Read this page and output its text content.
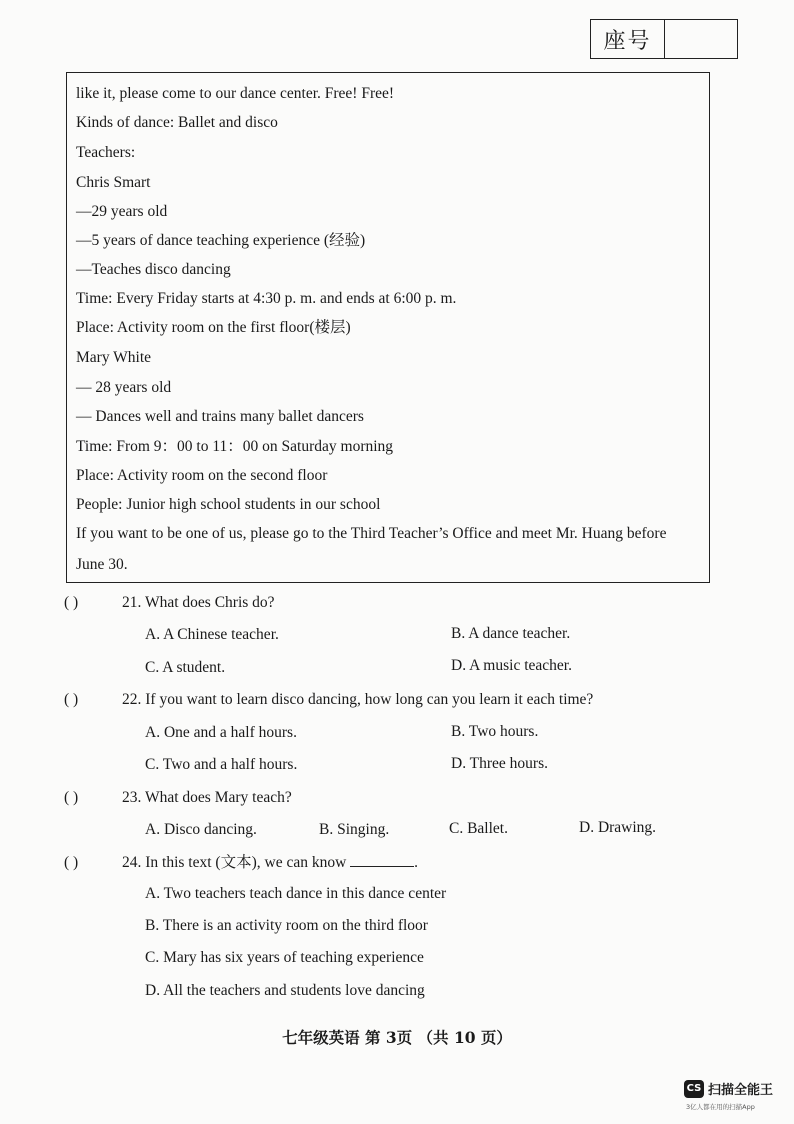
座号
like it, please come to our dance center. Free! Free!
Kinds of dance: Ballet and disco
Teachers:
Chris Smart
—29 years old
—5 years of dance teaching experience (经验)
—Teaches disco dancing
Time: Every Friday starts at 4:30 p. m. and ends at 6:00 p. m.
Place: Activity room on the first floor(楼层)
Mary White
— 28 years old
— Dances well and trains many ballet dancers
Time: From 9：00 to 11：00 on Saturday morning
Place: Activity room on the second floor
People: Junior high school students in our school
If you want to be one of us, please go to the Third Teacher’s Office and meet Mr. Huang before
June 30.
( )	21. What does Chris do?
A. A Chinese teacher.	B. A dance teacher.
C. A student.	D. A music teacher.
( )	22. If you want to learn disco dancing, how long can you learn it each time?
A. One and a half hours.	B. Two hours.
C. Two and a half hours.	D. Three hours.
( )	23. What does Mary teach?
A. Disco dancing.	B. Singing.	C. Ballet.	D. Drawing.
( )	24. In this text (文本), we can know	.
A. Two teachers teach dance in this dance center
B. There is an activity room on the third floor
C. Mary has six years of teaching experience
D. All the teachers and students love dancing
七年级英语 第 3页 （共 10 页）
CS 扫描全能王
3亿人都在用的扫描App
